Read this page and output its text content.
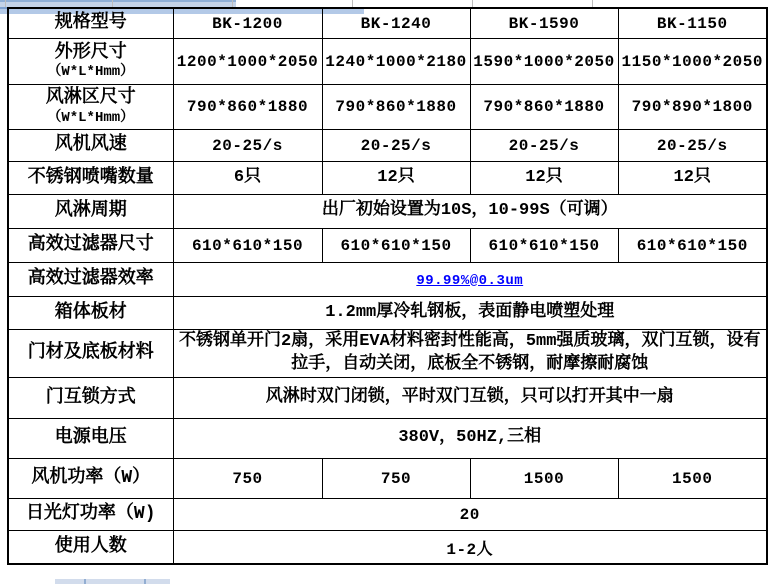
规格型号	BK-1200	BK-1240	BK-1590	BK-1150

外形尺寸
（W*L*Hmm）	1200*1000*2050	1240*1000*2180	1590*1000*2050	1150*1000*2050

风淋区尺寸
（W*L*Hmm）	790*860*1880	790*860*1880	790*860*1880	790*890*1800
风机风速	20-25/s	20-25/s	20-25/s	20-25/s
不锈钢喷嘴数量	6只	12只	12只	12只
风淋周期	出厂初始设置为10S，10-99S（可调）			
高效过滤器尺寸	610*610*150	610*610*150	610*610*150	610*610*150
高效过滤器效率	99.99%@0.3um			
箱体板材	1.2mm厚冷轧钢板，表面静电喷塑处理			
门材及底板材料	不锈钢单开门2扇，采用EVA材料密封性能高，5mm强质玻璃，双门互锁，设有拉手，自动关闭，底板全不锈钢，耐摩擦耐腐蚀			
门互锁方式	风淋时双门闭锁，平时双门互锁，只可以打开其中一扇			
电源电压	380V，50HZ,三相			
风机功率（W）	750	750	1500	1500
日光灯功率（W)	20			
使用人数	1-2人			
